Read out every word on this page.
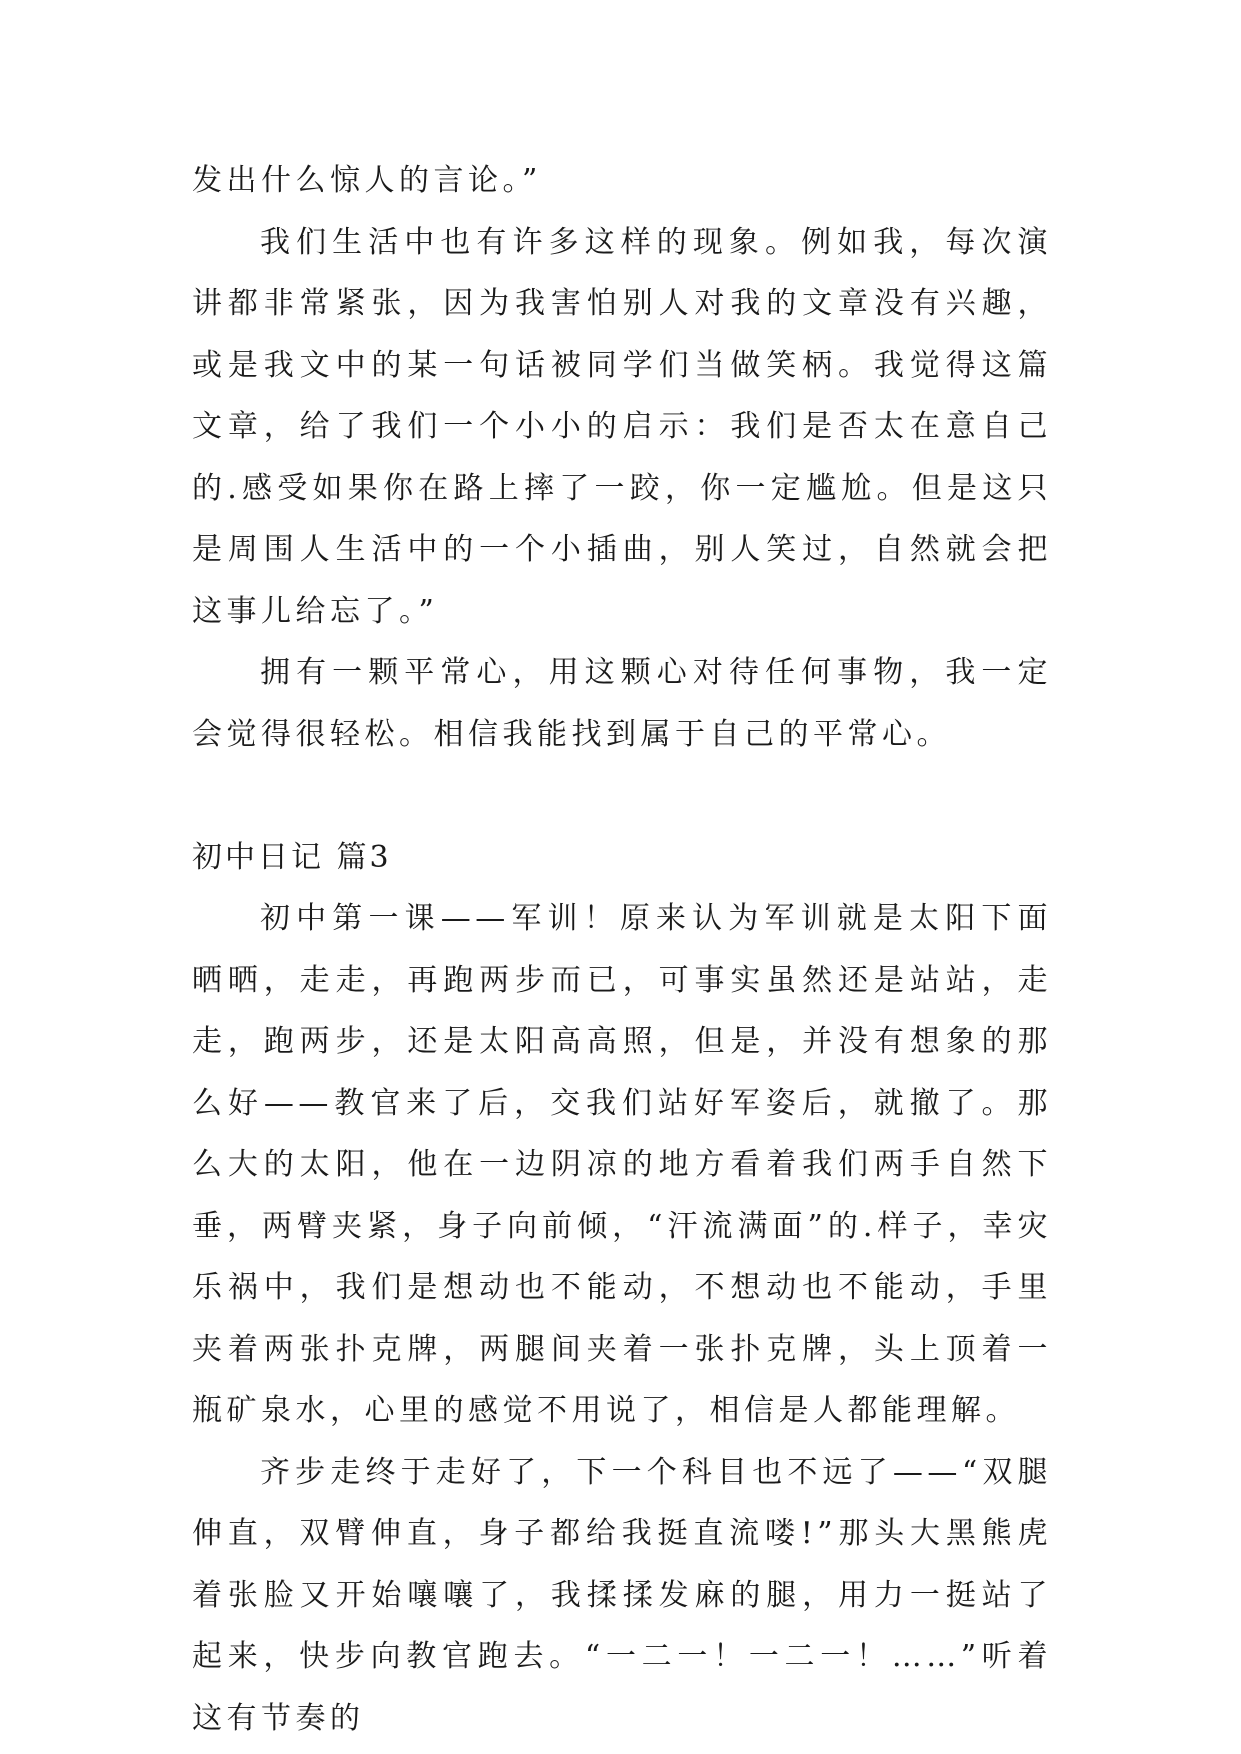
发出什么惊人的言论。”

我们生活中也有许多这样的现象。例如我，每次演讲都非常紧张，因为我害怕别人对我的文章没有兴趣，或是我文中的某一句话被同学们当做笑柄。我觉得这篇文章，给了我们一个小小的启示：我们是否太在意自己的.感受如果你在路上摔了一跤，你一定尴尬。但是这只是周围人生活中的一个小插曲，别人笑过，自然就会把这事儿给忘了。”

拥有一颗平常心，用这颗心对待任何事物，我一定会觉得很轻松。相信我能找到属于自己的平常心。

初中日记 篇3

初中第一课——军训！原来认为军训就是太阳下面晒晒，走走，再跑两步而已，可事实虽然还是站站，走走，跑两步，还是太阳高高照，但是，并没有想象的那么好——教官来了后，交我们站好军姿后，就撤了。那么大的太阳，他在一边阴凉的地方看着我们两手自然下垂，两臂夹紧，身子向前倾，“汗流满面”的.样子，幸灾乐祸中，我们是想动也不能动，不想动也不能动，手里夹着两张扑克牌，两腿间夹着一张扑克牌，头上顶着一瓶矿泉水，心里的感觉不用说了，相信是人都能理解。

齐步走终于走好了，下一个科目也不远了——“双腿伸直，双臂伸直，身子都给我挺直流喽!”那头大黑熊虎着张脸又开始嚷嚷了，我揉揉发麻的腿，用力一挺站了起来，快步向教官跑去。“一二一！一二一！……”听着这有节奏的
